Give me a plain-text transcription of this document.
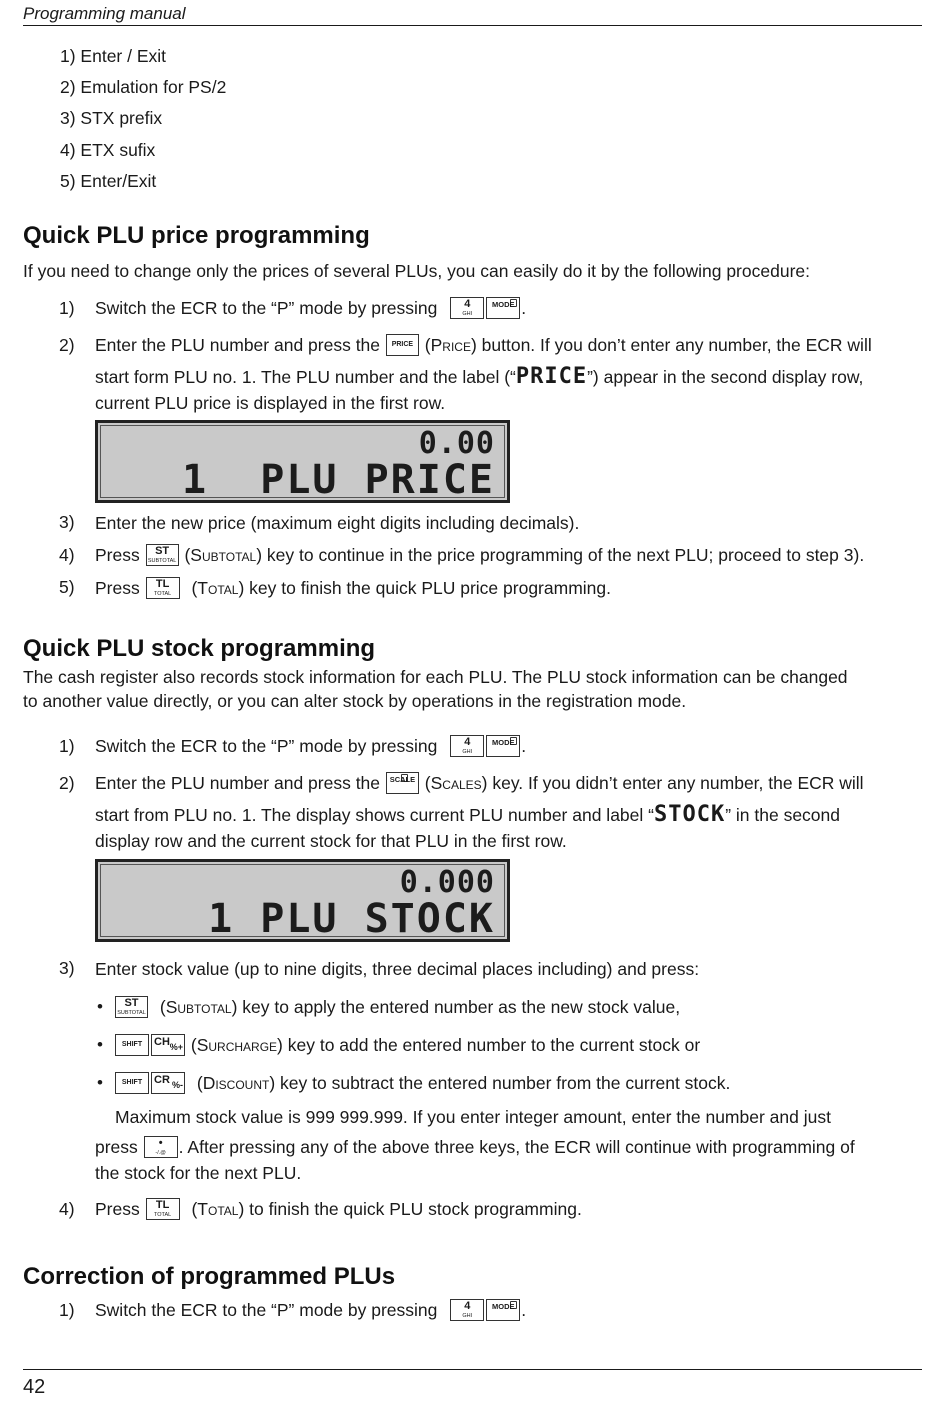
Programming manual
1) Enter / Exit
2) Emulation for PS/2
3) STX prefix
4) ETX sufix
5) Enter/Exit
Quick PLU price programming
If you need to change only the prices of several PLUs, you can easily do it by the following procedure:
1) Switch the ECR to the “P” mode by pressing	4
GHI
MODE .
2) Enter the PLU number and press the	PRICE (Price) button. If you don’t enter any number, the ECR will
start form PLU no. 1. The PLU number and the label (“PRICE”) appear in the second display row,
current PLU price is displayed in the first row.
0.00
1  PLU PRICE
3) Enter the new price (maximum eight digits including decimals).
4) Press	ST
SUBTOTAL (Subtotal) key to continue in the price programming of the next PLU; proceed to step 3).
5) Press	TL
TOTAL	(Total) key to finish the quick PLU price programming.
Quick PLU stock programming
The cash register also records stock information for each PLU. The PLU stock information can be changed
to another value directly, or you can alter stock by operations in the registration mode.
1) Switch the ECR to the “P” mode by pressing	4
GHI
MODE .
2) Enter the PLU number and press the	SCALE (Scales) key. If you didn’t enter any number, the ECR will
start from PLU no. 1. The display shows current PLU number and label “STOCK” in the second
display row and the current stock for that PLU in the first row.
0.000
1 PLU STOCK
3) Enter stock value (up to nine digits, three decimal places including) and press:
•	ST
SUBTOTAL (Subtotal) key to apply the entered number as the new stock value,
•	SHIFT	CH %+ (Surcharge) key to add the entered number to the current stock or
•	SHIFT	CR %- (Discount) key to subtract the entered number from the current stock.
Maximum stock value is 999 999.999. If you enter integer amount, enter the number and just
press	•
-/.@ . After pressing any of the above three keys, the ECR will continue with programming of
the stock for the next PLU.
4) Press	TL
TOTAL	(Total) to finish the quick PLU stock programming.
Correction of programmed PLUs
1) Switch the ECR to the “P” mode by pressing	4
GHI
MODE .
42
